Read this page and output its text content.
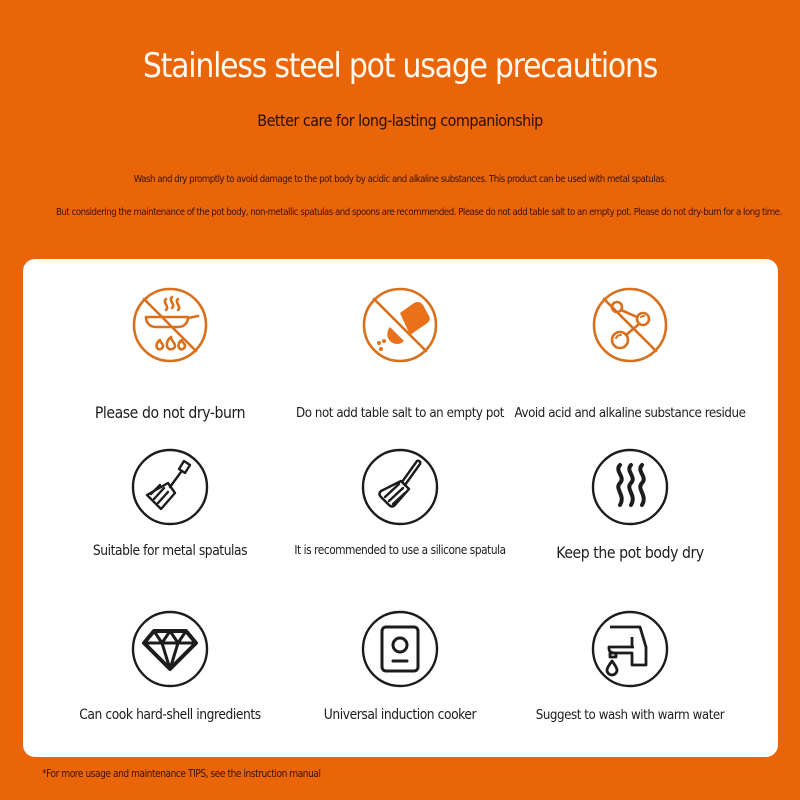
Stainless steel pot usage precautions
Better care for long-lasting companionship
Wash and dry promptly to avoid damage to the pot body by acidic and alkaline substances. This product can be used with metal spatulas.
But considering the maintenance of the pot body, non-metallic spatulas and spoons are recommended. Please do not add table salt to an empty pot. Please do not dry-burn for a long time.
Please do not dry-burn	Do not add table salt to an empty pot Avoid acid and alkaline substance residue
Suitable for metal spatulas	It is recommended to use a silicone spatula	Keep the pot body dry
Can cook hard-shell ingredients	Universal induction cooker	Suggest to wash with warm water
*For more usage and maintenance TIPS, see the instruction manual
